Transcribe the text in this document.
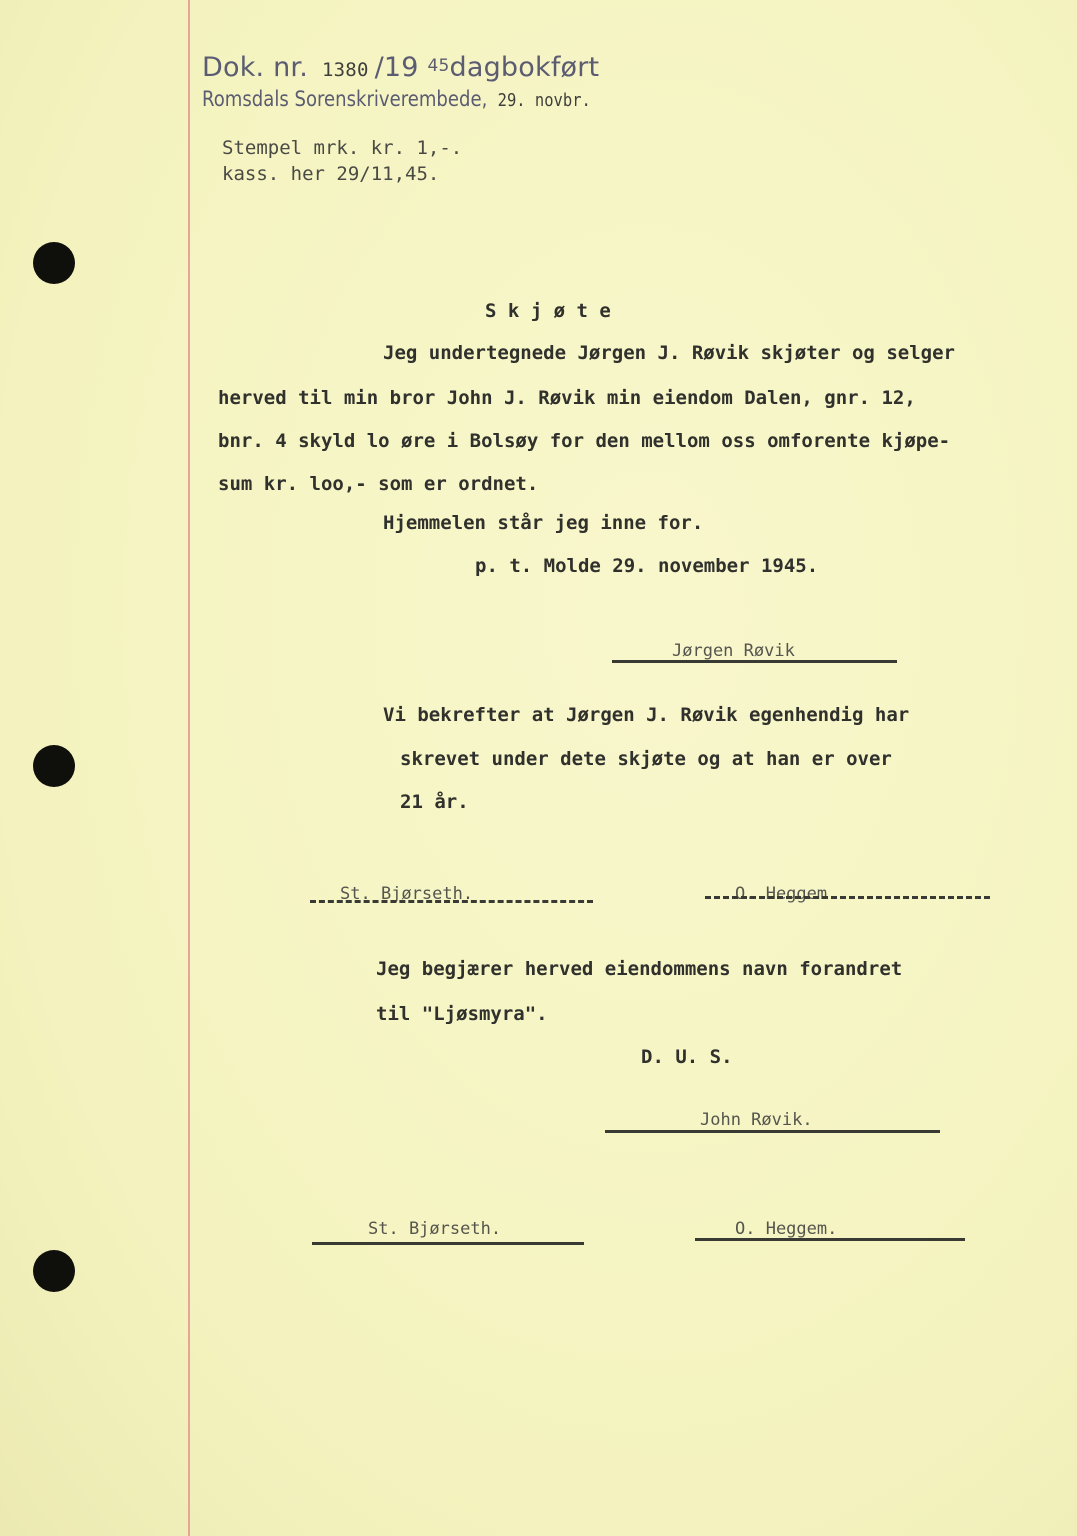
Dok. nr. 1380 /19 45dagbokført
Romsdals Sorenskriverembede, 29. novbr.
Stempel mrk. kr. 1,-.
kass. her 29/11,45.
S k j ø t e
Jeg undertegnede Jørgen J. Røvik skjøter og selger
herved til min bror John J. Røvik min eiendom Dalen, gnr. 12,
bnr. 4 skyld lo øre i Bolsøy for den mellom oss omforente kjøpe-
sum kr. loo,- som er ordnet.
Hjemmelen står jeg inne for.
p. t. Molde 29. november 1945.
Jørgen Røvik
Vi bekrefter at Jørgen J. Røvik egenhendig har
skrevet under dete skjøte og at han er over
21 år.
St. Bjørseth.	O. Heggem.
Jeg begjærer herved eiendommens navn forandret
til "Ljøsmyra".
D. U. S.
John Røvik.
St. Bjørseth.	O. Heggem.
